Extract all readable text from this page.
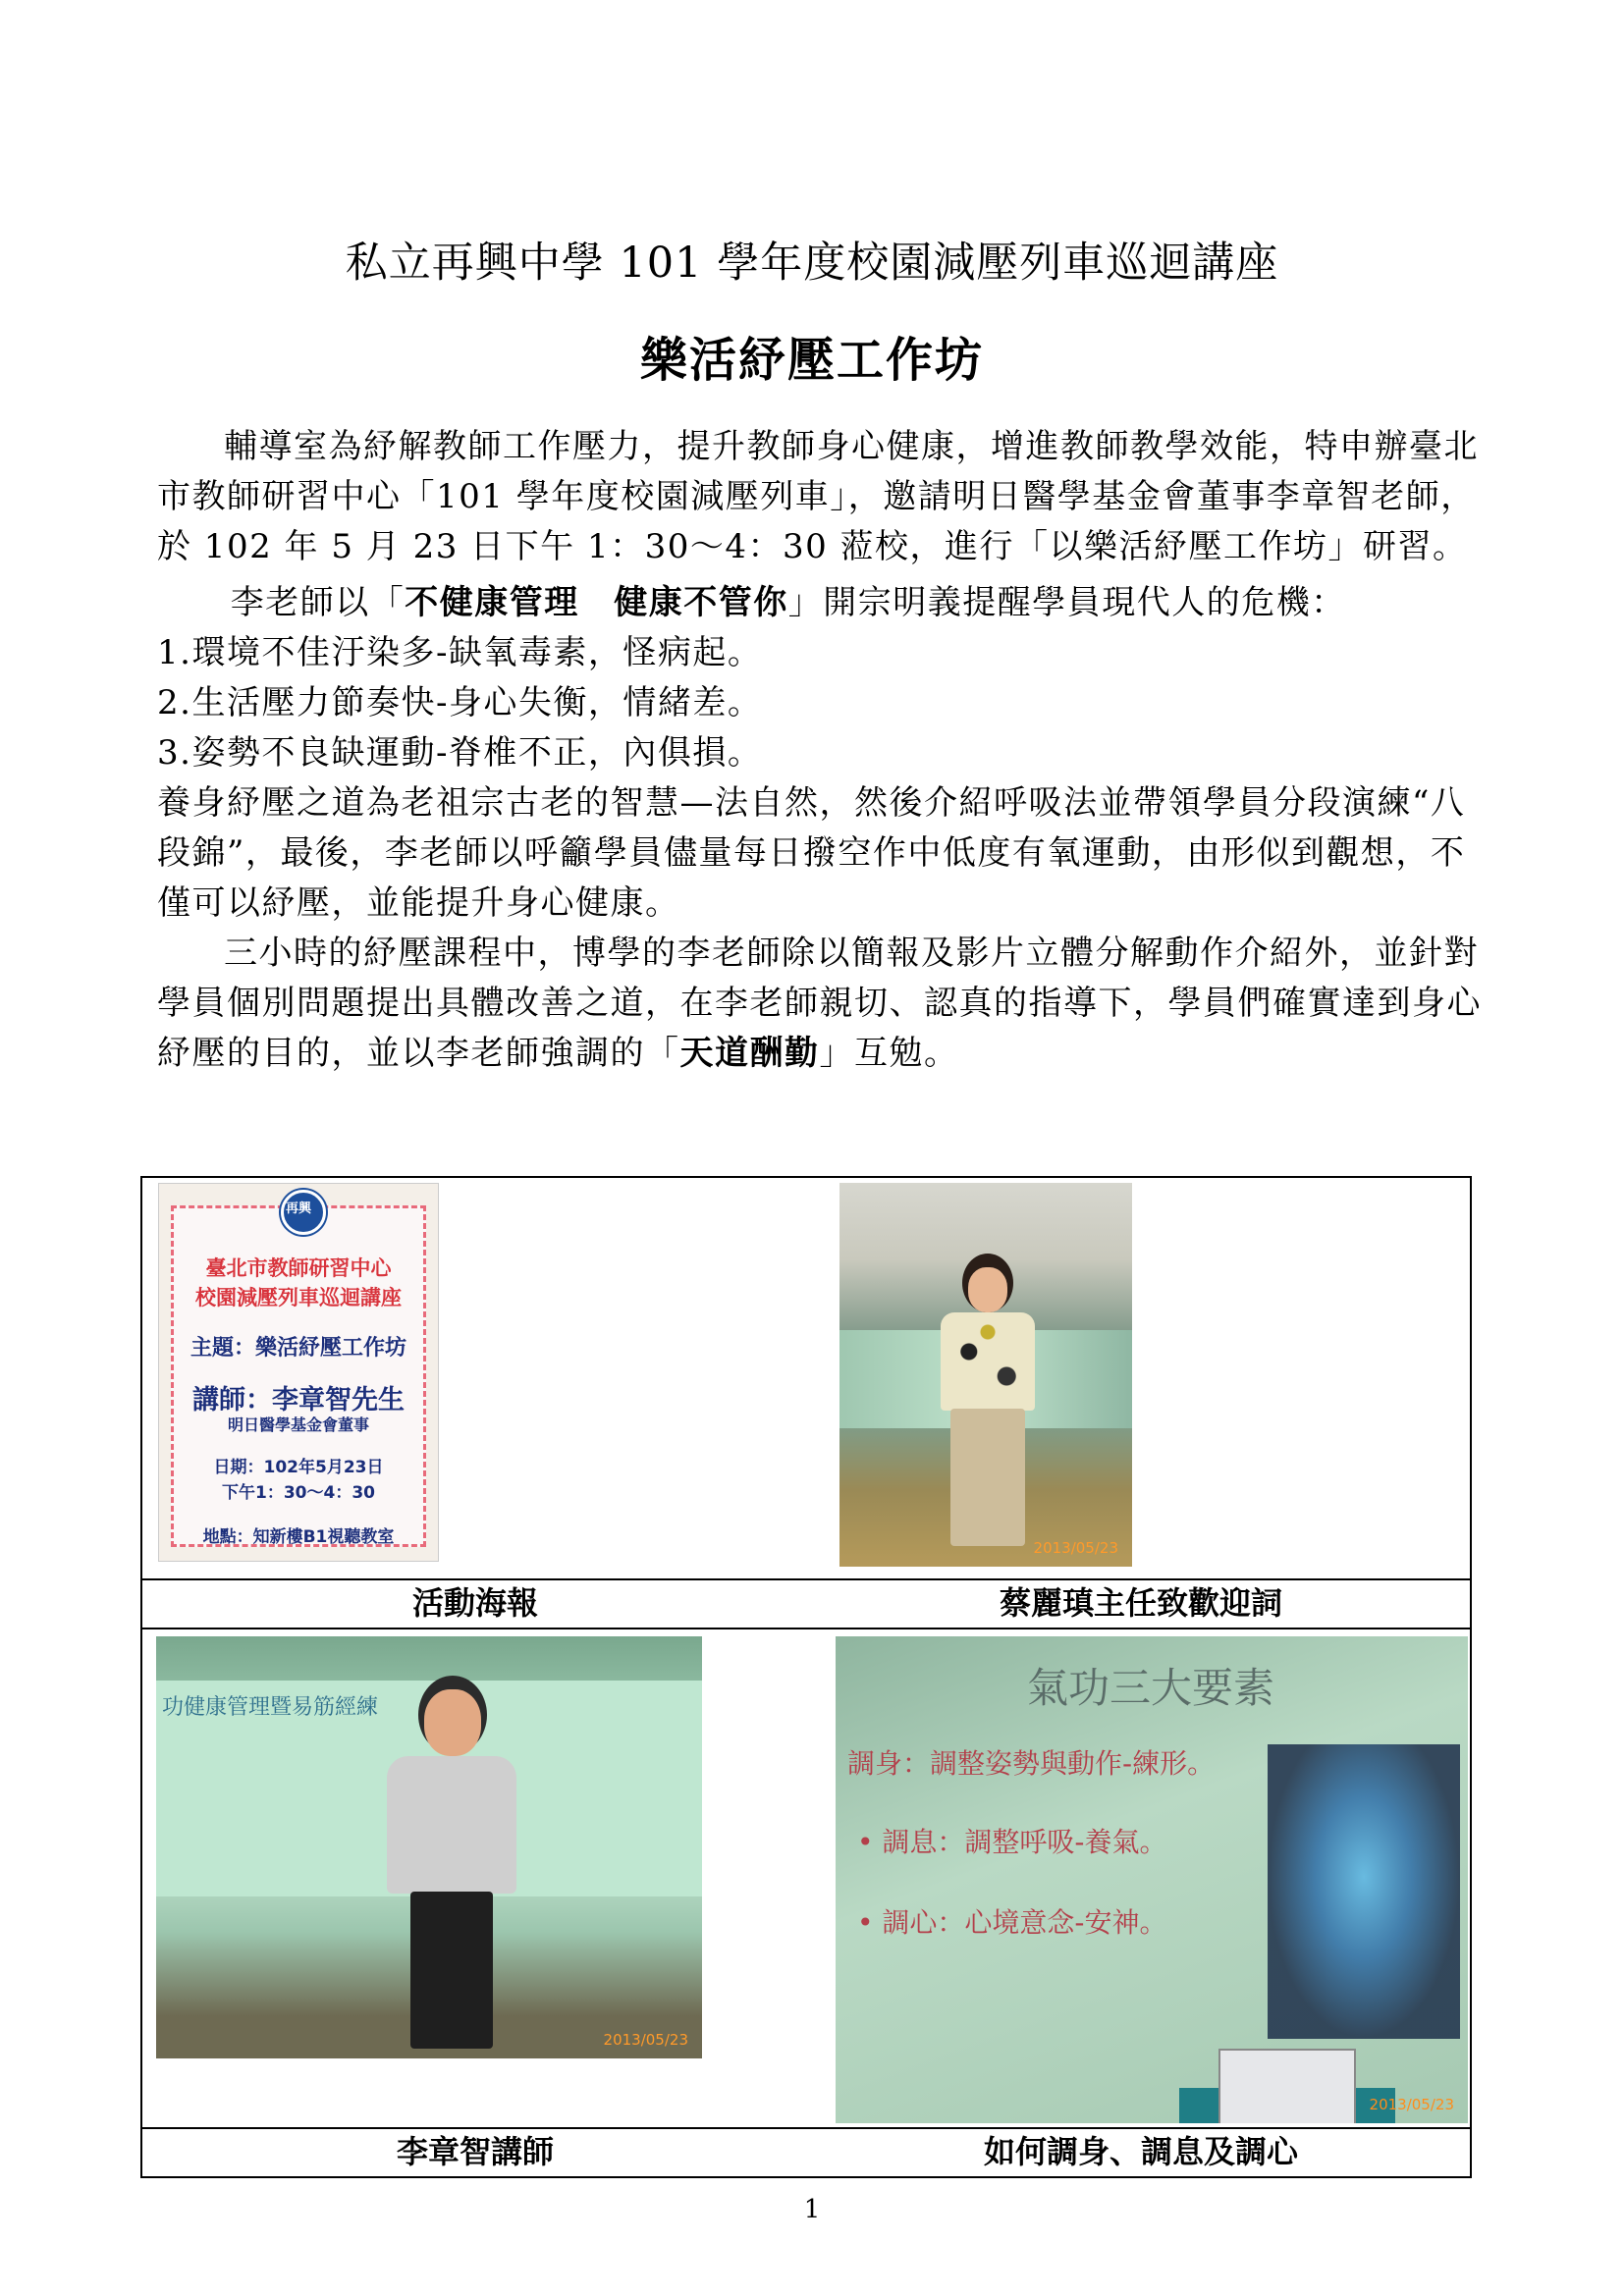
私立再興中學 101 學年度校園減壓列車巡迴講座
樂活紓壓工作坊

輔導室為紓解教師工作壓力，提升教師身心健康，增進教師教學效能，特申辦臺北市教師研習中心「101 學年度校園減壓列車」，邀請明日醫學基金會董事李章智老師，於 102 年 5 月 23 日下午 1：30～4：30 蒞校，進行「以樂活紓壓工作坊」研習。

李老師以「不健康管理　健康不管你」開宗明義提醒學員現代人的危機：

1.環境不佳汙染多-缺氧毒素，怪病起。

2.生活壓力節奏快-身心失衡，情緒差。

3.姿勢不良缺運動-脊椎不正，內俱損。

養身紓壓之道為老祖宗古老的智慧—法自然，然後介紹呼吸法並帶領學員分段演練“八段錦”，最後，李老師以呼籲學員儘量每日撥空作中低度有氧運動，由形似到觀想，不僅可以紓壓，並能提升身心健康。

三小時的紓壓課程中，博學的李老師除以簡報及影片立體分解動作介紹外，並針對學員個別問題提出具體改善之道，在李老師親切、認真的指導下，學員們確實達到身心紓壓的目的，並以李老師強調的「天道酬勤」互勉。

再興
臺北市教師研習中心
校園減壓列車巡迴講座
主題：樂活紓壓工作坊
講師：李章智先生
明日醫學基金會董事
日期：102年5月23日
下午1：30～4：30
地點：知新樓B1視聽教室
2013/05/23
活動海報	蔡麗瑱主任致歡迎詞
功健康管理暨易筋經練
2013/05/23
氣功三大要素
調身：調整姿勢與動作-練形。
• 調息：調整呼吸-養氣。
• 調心：心境意念-安神。
2013/05/23
李章智講師	如何調身、調息及調心
1
